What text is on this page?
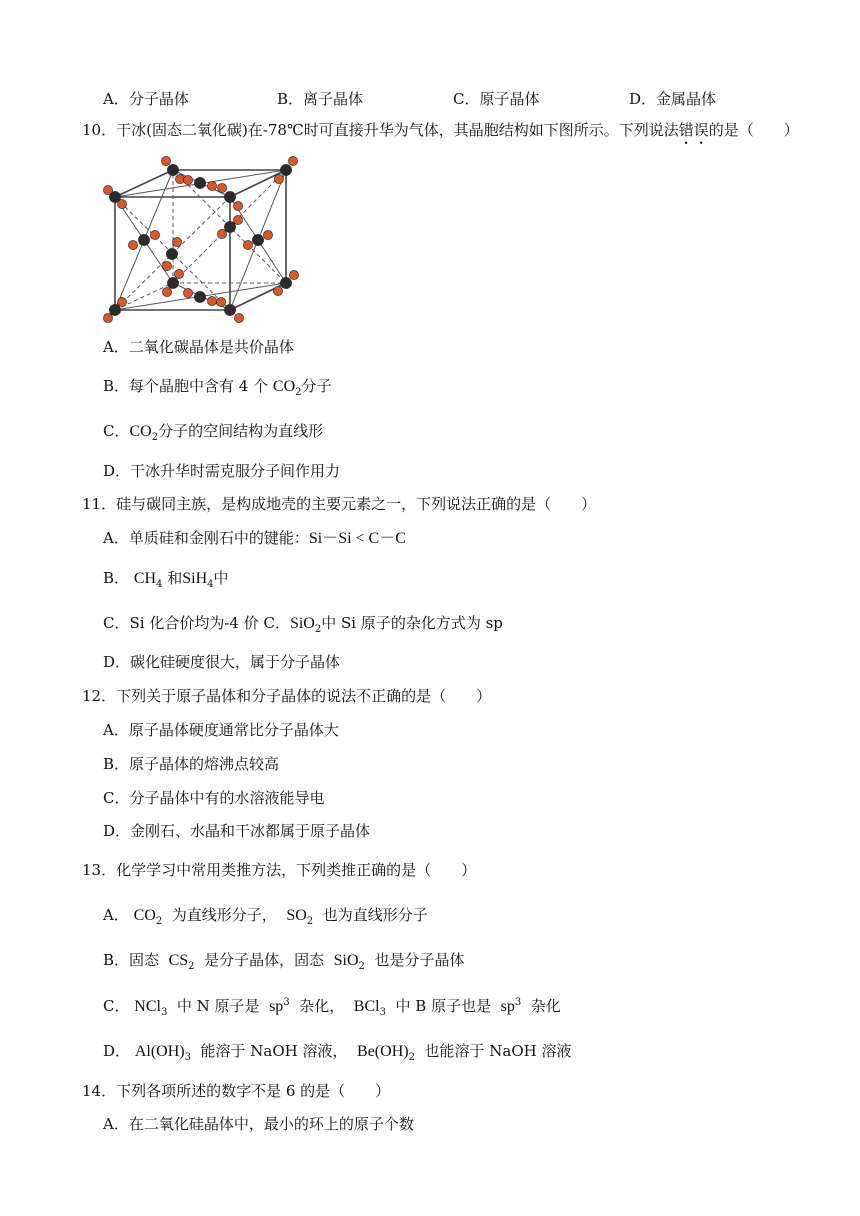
A．分子晶体	B．离子晶体	C．原子晶体	D．金属晶体
10．干冰(固态二氧化碳)在-78℃时可直接升华为气体，其晶胞结构如下图所示。下列说法错误的是（　　）
A．二氧化碳晶体是共价晶体
B．每个晶胞中含有 4 个 $CO_2$分子
C．$CO_2$分子的空间结构为直线形
D．干冰升华时需克服分子间作用力
11．硅与碳同主族，是构成地壳的主要元素之一，下列说法正确的是（　　）
A．单质硅和金刚石中的键能：Si－Si < C－C
B． $CH_4$ 和SiH$_4$中
C．Si 化合价均为-4 价 C．SiO$_2$中 Si 原子的杂化方式为 sp
D．碳化硅硬度很大，属于分子晶体
12．下列关于原子晶体和分子晶体的说法不正确的是（　　）
A．原子晶体硬度通常比分子晶体大
B．原子晶体的熔沸点较高
C．分子晶体中有的水溶液能导电
D．金刚石、水晶和干冰都属于原子晶体
13．化学学习中常用类推方法，下列类推正确的是（　　）
A． $CO_2$ 为直线形分子， $SO_2$ 也为直线形分子
B．固态 $CS_2$ 是分子晶体，固态 SiO$_2$ 也是分子晶体
C． NCl$_3$ 中 N 原子是 $sp^3$ 杂化， BCl$_3$ 中 B 原子也是 $sp^3$ 杂化
D． $Al(OH)_3$ 能溶于 NaOH 溶液， $Be(OH)_2$ 也能溶于 NaOH 溶液
14．下列各项所述的数字不是 6 的是（　　）
A．在二氧化硅晶体中，最小的环上的原子个数
